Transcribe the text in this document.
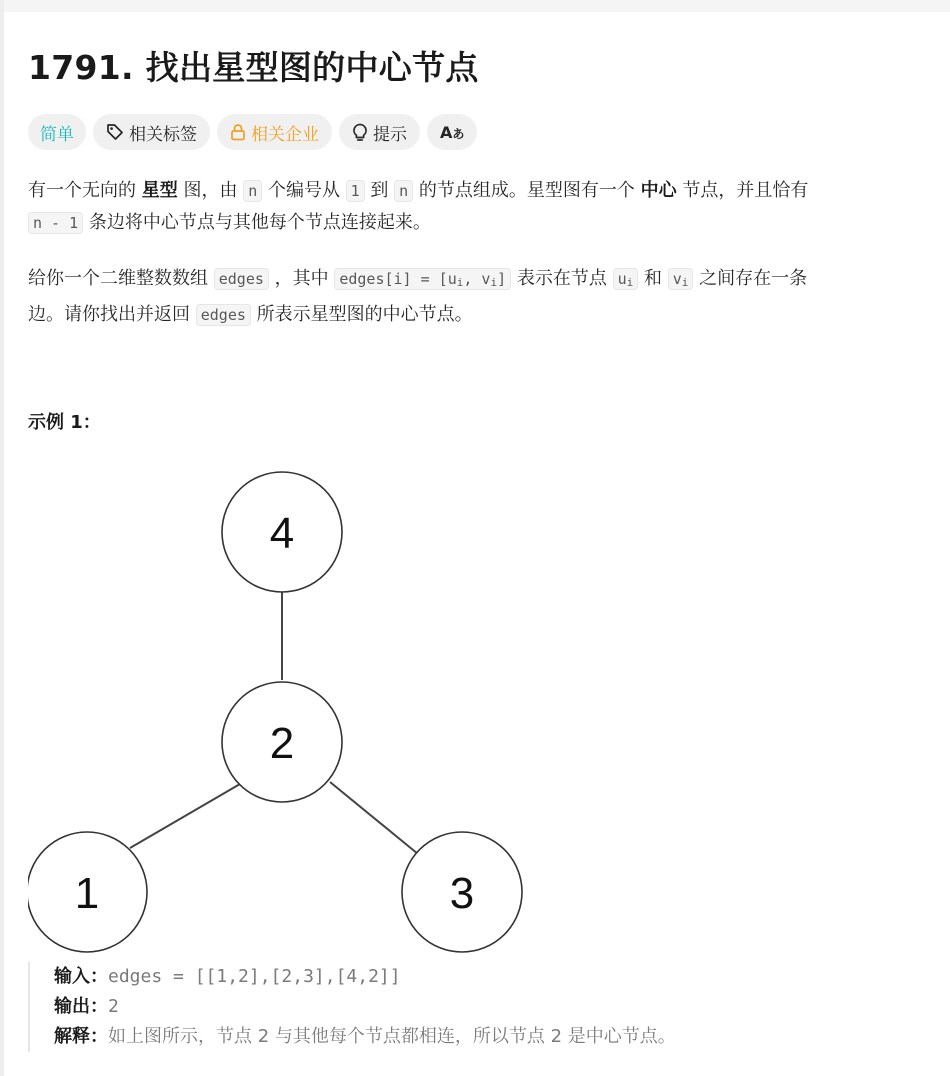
1791. 找出星型图的中心节点
简单	相关标签	相关企业	提示 Aあ
有一个无向的 星型 图，由 n 个编号从 1 到 n 的节点组成。星型图有一个 中心 节点，并且恰有
n - 1 条边将中心节点与其他每个节点连接起来。
给你一个二维整数数组 edges ，其中 edges[i] = [$u_i$, $v_i$] 表示在节点 $u_i$ 和 $v_i$ 之间存在一条
边。请你找出并返回 edges 所表示星型图的中心节点。
示例 1：
4
2
1	3
输入：edges = [[1,2],[2,3],[4,2]]
输出：2
解释：如上图所示，节点 2 与其他每个节点都相连，所以节点 2 是中心节点。
